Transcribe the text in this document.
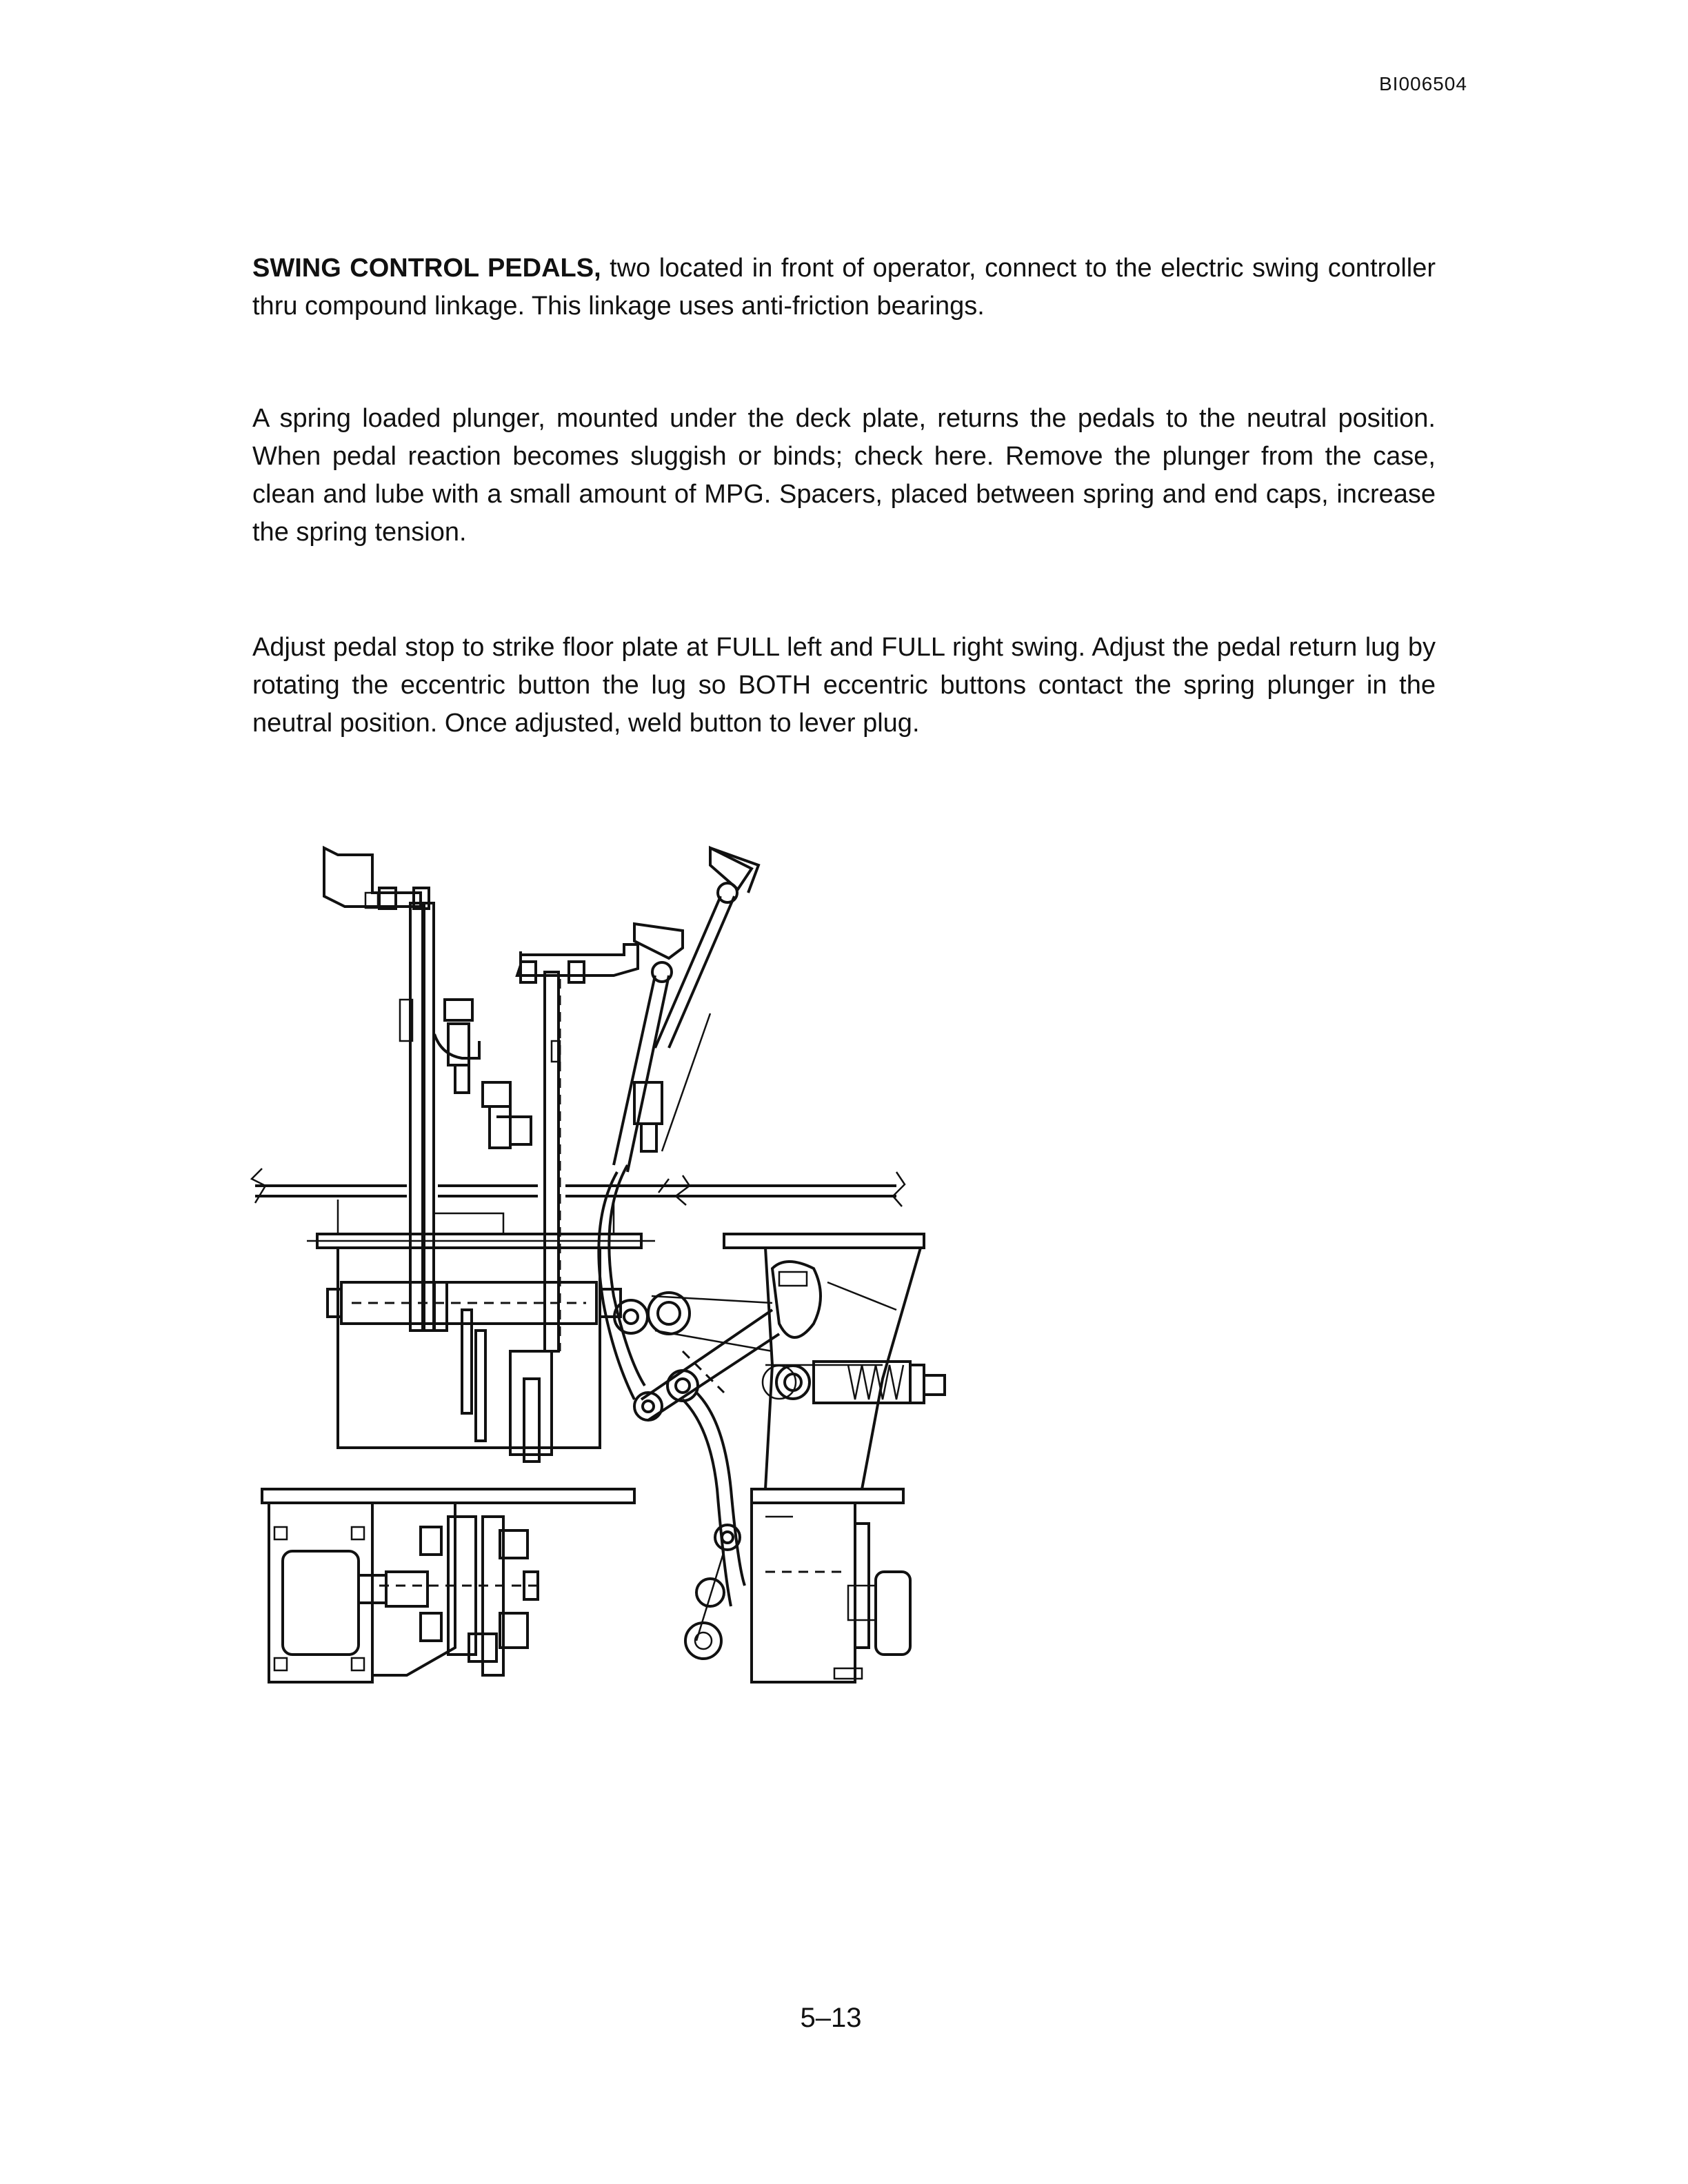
BI006504
SWING CONTROL PEDALS, two located in front of operator, connect to the electric swing controller thru compound linkage. This linkage uses anti-friction bearings.
A spring loaded plunger, mounted under the deck plate, returns the pedals to the neutral position. When pedal reaction becomes sluggish or binds; check here. Remove the plunger from the case, clean and lube with a small amount of MPG. Spacers, placed between spring and end caps, increase the spring tension.
Adjust pedal stop to strike floor plate at FULL left and FULL right swing. Adjust the pedal return lug by rotating the eccentric button the lug so BOTH eccentric buttons contact the spring plunger in the neutral position. Once adjusted, weld button to lever plug.
5–13
